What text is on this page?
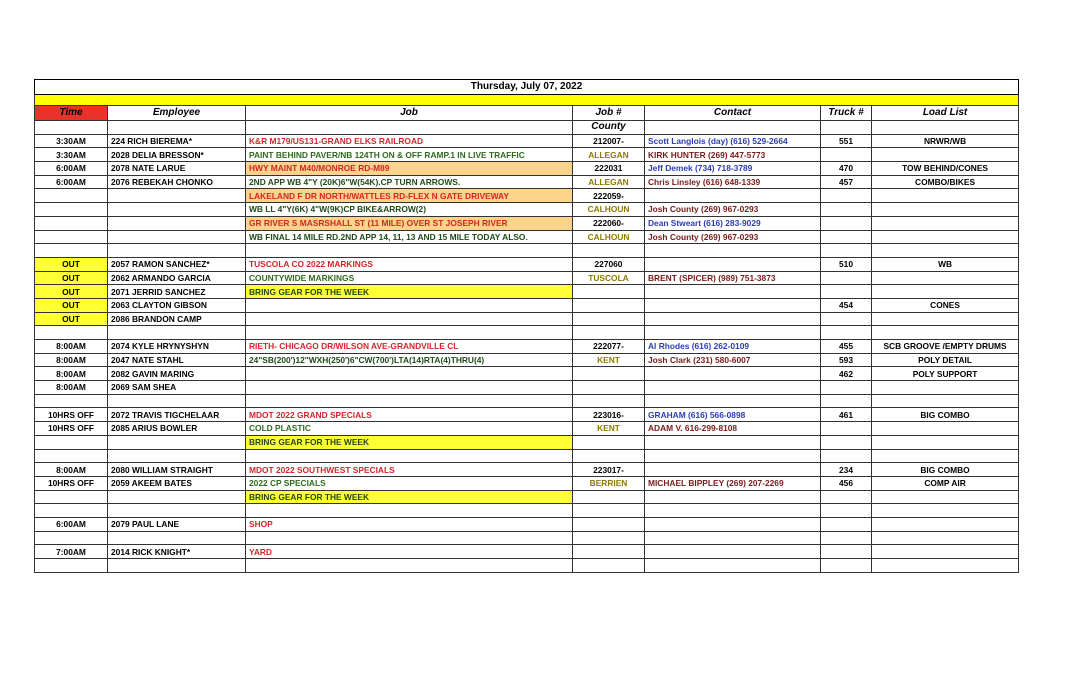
Thursday, July 07, 2022						

Time	Employee	Job	Job #	Contact	Truck #	Load List
			County			
3:30AM	224 RICH BIEREMA*	K&R M179/US131-GRAND ELKS RAILROAD	212007-	Scott Langlois (day) (616) 529-2664	551	NRWR/WB
3:30AM	2028 DELIA BRESSON*	PAINT BEHIND PAVER/NB 124TH ON & OFF RAMP.1 IN LIVE TRAFFIC	ALLEGAN	KIRK HUNTER (269) 447-5773		
6:00AM	2078 NATE LARUE	HWY MAINT M40/MONROE RD-M89	222031	Jeff Demek (734) 718-3789	470	TOW BEHIND/CONES
6:00AM	2076 REBEKAH CHONKO	2ND APP WB 4"Y (20K)6"W(54K).CP TURN ARROWS.	ALLEGAN	Chris Linsley (616) 648-1339	457	COMBO/BIKES
		LAKELAND F DR NORTH/WATTLES RD-FLEX N GATE DRIVEWAY	222059-			
		WB LL 4"Y(6K) 4"W(9K)CP BIKE&ARROW(2)	CALHOUN	Josh County (269) 967-0293		
		GR RIVER S MASRSHALL ST (11 MILE) OVER ST JOSEPH RIVER	222060-	Dean Stweart (616) 283-9029		
		WB FINAL 14 MILE RD.2ND APP 14, 11, 13 AND 15 MILE TODAY ALSO.	CALHOUN	Josh County (269) 967-0293		

OUT	2057 RAMON SANCHEZ*	TUSCOLA CO 2022 MARKINGS	227060		510	WB
OUT	2062 ARMANDO GARCIA	COUNTYWIDE MARKINGS	TUSCOLA	BRENT (SPICER) (989) 751-3873		
OUT	2071 JERRID SANCHEZ	BRING GEAR FOR THE WEEK				
OUT	2063 CLAYTON GIBSON				454	CONES
OUT	2086 BRANDON CAMP					

8:00AM	2074 KYLE HRYNYSHYN	RIETH- CHICAGO DR/WILSON AVE-GRANDVILLE CL	222077-	Al Rhodes (616) 262-0109	455	SCB GROOVE /EMPTY DRUMS
8:00AM	2047 NATE STAHL	24"SB(200')12"WXH(250')6"CW(700')LTA(14)RTA(4)THRU(4)	KENT	Josh Clark (231) 580-6007	593	POLY DETAIL
8:00AM	2082 GAVIN MARING				462	POLY SUPPORT
8:00AM	2069 SAM SHEA					

10HRS OFF	2072 TRAVIS TIGCHELAAR	MDOT 2022 GRAND SPECIALS	223016-	GRAHAM (616) 566-0898	461	BIG COMBO
10HRS OFF	2085 ARIUS BOWLER	COLD PLASTIC	KENT	ADAM V. 616-299-8108		
		BRING GEAR FOR THE WEEK				

8:00AM	2080 WILLIAM STRAIGHT	MDOT 2022 SOUTHWEST SPECIALS	223017-		234	BIG COMBO
10HRS OFF	2059 AKEEM BATES	2022 CP SPECIALS	BERRIEN	MICHAEL BIPPLEY (269) 207-2269	456	COMP AIR
		BRING GEAR FOR THE WEEK				

6:00AM	2079 PAUL LANE	SHOP				

7:00AM	2014 RICK KNIGHT*	YARD				
